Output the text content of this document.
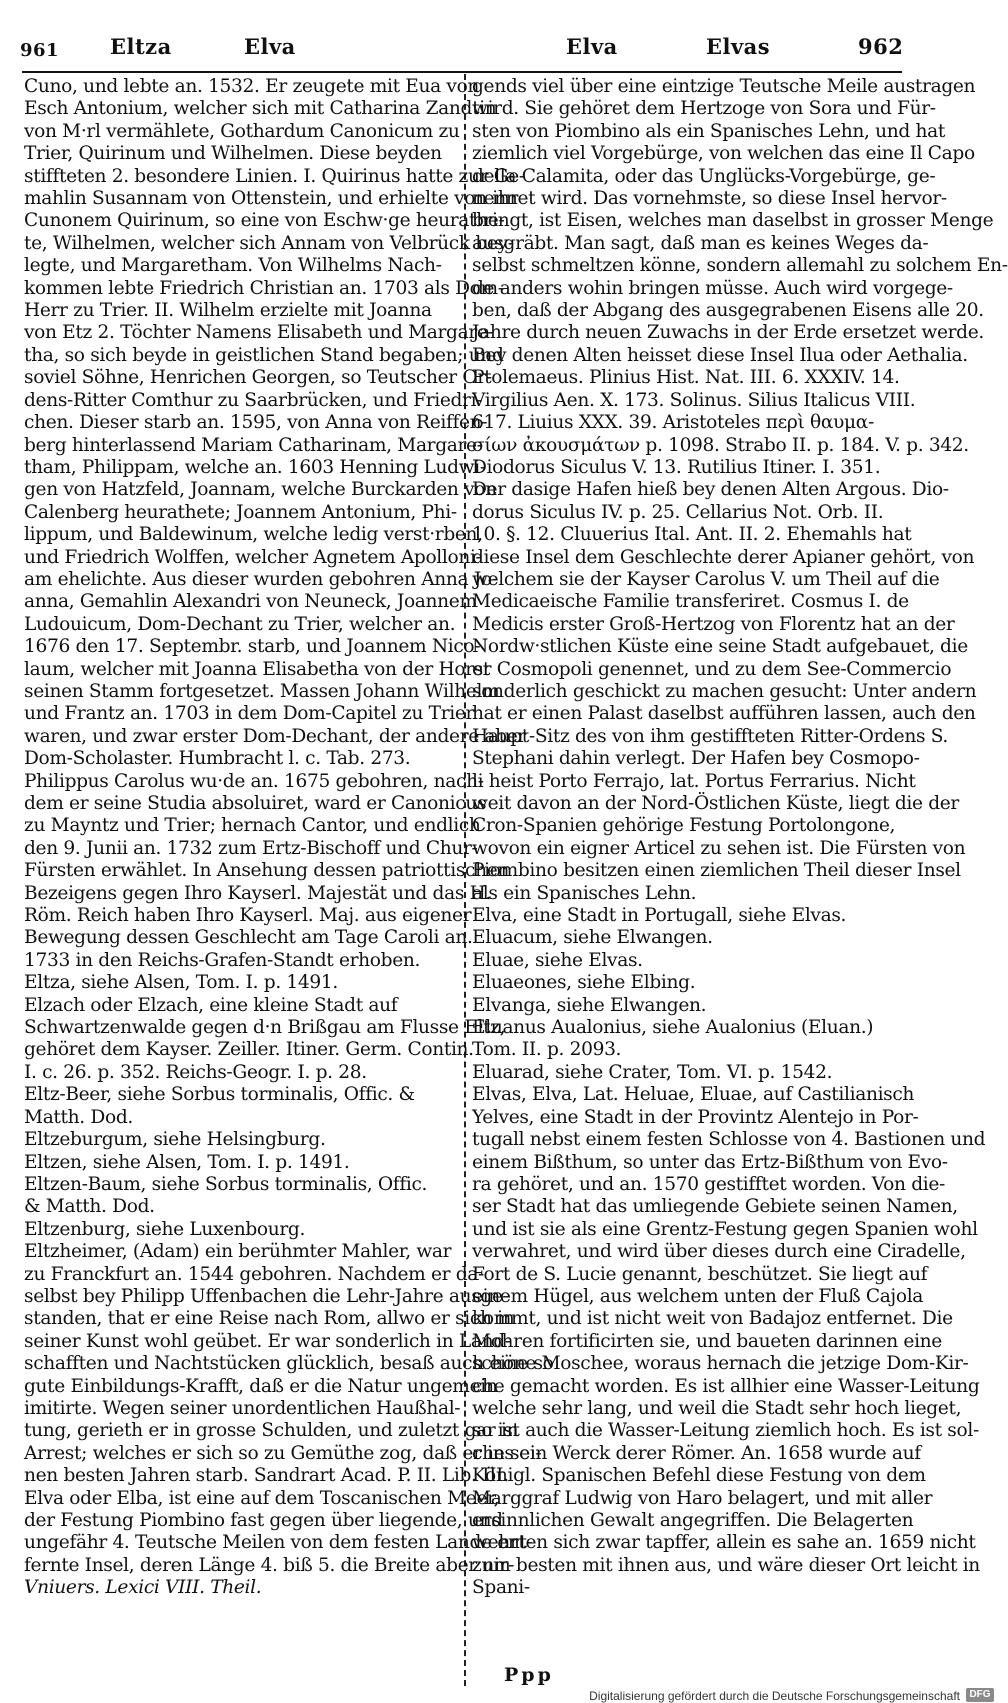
961 Eltza	Elva	Elva	Elvas	962
Cuno, und lebte an. 1532. Er zeugete mit Eua von
Esch Antonium, welcher sich mit Catharina Zandtin
von M·rl vermählete, Gothardum Canonicum zu
Trier, Quirinum und Wilhelmen. Diese beyden
stiffteten 2. besondere Linien. I. Quirinus hatte zur Ge-
mahlin Susannam von Ottenstein, und erhielte von ihr
Cunonem Quirinum, so eine von Eschw·ge heurathe-
te, Wilhelmen, welcher sich Annam von Velbrück bey-
legte, und Margaretham. Von Wilhelms Nach-
kommen lebte Friedrich Christian an. 1703 als Dom-
Herr zu Trier. II. Wilhelm erzielte mit Joanna
von Etz 2. Töchter Namens Elisabeth und Margare-
tha, so sich beyde in geistlichen Stand begaben; und
soviel Söhne, Henrichen Georgen, so Teutscher Or-
dens-Ritter Comthur zu Saarbrücken, und Friedri-
chen. Dieser starb an. 1595, von Anna von Reiffen-
berg hinterlassend Mariam Catharinam, Margare-
tham, Philippam, welche an. 1603 Henning Ludwi-
gen von Hatzfeld, Joannam, welche Burckarden von
Calenberg heurathete; Joannem Antonium, Phi-
lippum, und Baldewinum, welche ledig verst·rben,
und Friedrich Wolffen, welcher Agnetem Apolloni-
am ehelichte. Aus dieser wurden gebohren Anna Jo-
anna, Gemahlin Alexandri von Neuneck, Joannem
Ludouicum, Dom-Dechant zu Trier, welcher an.
1676 den 17. Septembr. starb, und Joannem Nico-
laum, welcher mit Joanna Elisabetha von der Horst
seinen Stamm fortgesetzet. Massen Johann Wilhelm
und Frantz an. 1703 in dem Dom-Capitel zu Trier
waren, und zwar erster Dom-Dechant, der andere aber
Dom-Scholaster. Humbracht l. c. Tab. 273.
Philippus Carolus wu·de an. 1675 gebohren, nach-
dem er seine Studia absoluiret, ward er Canonicus
zu Mayntz und Trier; hernach Cantor, und endlich
den 9. Junii an. 1732 zum Ertz-Bischoff und Chur-
Fürsten erwählet. In Ansehung dessen patriottischen
Bezeigens gegen Ihro Kayserl. Majestät und das H.
Röm. Reich haben Ihro Kayserl. Maj. aus eigener
Bewegung dessen Geschlecht am Tage Caroli an.
1733 in den Reichs-Grafen-Standt erhoben.
Eltza, siehe Alsen, Tom. I. p. 1491.
Elzach oder Elzach, eine kleine Stadt auf
Schwartzenwalde gegen d·n Brißgau am Flusse Eltz,
gehöret dem Kayser. Zeiller. Itiner. Germ. Contin.
I. c. 26. p. 352. Reichs-Geogr. I. p. 28.
Eltz-Beer, siehe Sorbus torminalis, Offic. &
Matth. Dod.
Eltzeburgum, siehe Helsingburg.
Eltzen, siehe Alsen, Tom. I. p. 1491.
Eltzen-Baum, siehe Sorbus torminalis, Offic.
& Matth. Dod.
Eltzenburg, siehe Luxenbourg.
Eltzheimer, (Adam) ein berühmter Mahler, war
zu Franckfurt an. 1544 gebohren. Nachdem er da-
selbst bey Philipp Uffenbachen die Lehr-Jahre ausge-
standen, that er eine Reise nach Rom, allwo er sich in
seiner Kunst wohl geübet. Er war sonderlich in Land-
schafften und Nachtstücken glücklich, besaß auch eine so
gute Einbildungs-Krafft, daß er die Natur ungemein
imitirte. Wegen seiner unordentlichen Haußhal-
tung, gerieth er in grosse Schulden, und zuletzt gar in
Arrest; welches er sich so zu Gemüthe zog, daß er in sei-
nen besten Jahren starb. Sandrart Acad. P. II. Lib. III.
Elva oder Elba, ist eine auf dem Toscanischen Meer,
der Festung Piombino fast gegen über liegende, und
ungefähr 4. Teutsche Meilen von dem festen Lande ent-
fernte Insel, deren Länge 4. biß 5. die Breite aber nir-
Vniuers. Lexici VIII. Theil.
gends viel über eine eintzige Teutsche Meile austragen
wird. Sie gehöret dem Hertzoge von Sora und Für-
sten von Piombino als ein Spanisches Lehn, und hat
ziemlich viel Vorgebürge, von welchen das eine Il Capo
della Calamita, oder das Unglücks-Vorgebürge, ge-
nennet wird. Das vornehmste, so diese Insel hervor-
bringt, ist Eisen, welches man daselbst in grosser Menge
ausgräbt. Man sagt, daß man es keines Weges da-
selbst schmeltzen könne, sondern allemahl zu solchem En-
de anders wohin bringen müsse. Auch wird vorgege-
ben, daß der Abgang des ausgegrabenen Eisens alle 20.
Jahre durch neuen Zuwachs in der Erde ersetzet werde.
Bey denen Alten heisset diese Insel Ilua oder Aethalia.
Ptolemaeus. Plinius Hist. Nat. III. 6. XXXIV. 14.
Virgilius Aen. X. 173. Solinus. Silius Italicus VIII.
617. Liuius XXX. 39. Aristoteles περὶ θαυμα-
σίων ἀκουσμάτων p. 1098. Strabo II. p. 184. V. p. 342.
Diodorus Siculus V. 13. Rutilius Itiner. I. 351.
Der dasige Hafen hieß bey denen Alten Argous. Dio-
dorus Siculus IV. p. 25. Cellarius Not. Orb. II.
10. §. 12. Cluuerius Ital. Ant. II. 2. Ehemahls hat
diese Insel dem Geschlechte derer Apianer gehört, von
welchem sie der Kayser Carolus V. um Theil auf die
Medicaeische Familie transferiret. Cosmus I. de
Medicis erster Groß-Hertzog von Florentz hat an der
Nordw·stlichen Küste eine seine Stadt aufgebauet, die
er Cosmopoli genennet, und zu dem See-Commercio
sonderlich geschickt zu machen gesucht: Unter andern
hat er einen Palast daselbst aufführen lassen, auch den
Haupt-Sitz des von ihm gestiffteten Ritter-Ordens S.
Stephani dahin verlegt. Der Hafen bey Cosmopo-
li heist Porto Ferrajo, lat. Portus Ferrarius. Nicht
weit davon an der Nord-Östlichen Küste, liegt die der
Cron-Spanien gehörige Festung Portolongone,
wovon ein eigner Articel zu sehen ist. Die Fürsten von
Piombino besitzen einen ziemlichen Theil dieser Insel
als ein Spanisches Lehn.
Elva, eine Stadt in Portugall, siehe Elvas.
Eluacum, siehe Elwangen.
Eluae, siehe Elvas.
Eluaeones, siehe Elbing.
Elvanga, siehe Elwangen.
Eluanus Aualonius, siehe Aualonius (Eluan.)
Tom. II. p. 2093.
Eluarad, siehe Crater, Tom. VI. p. 1542.
Elvas, Elva, Lat. Heluae, Eluae, auf Castilianisch
Yelves, eine Stadt in der Provintz Alentejo in Por-
tugall nebst einem festen Schlosse von 4. Bastionen und
einem Bißthum, so unter das Ertz-Bißthum von Evo-
ra gehöret, und an. 1570 gestifftet worden. Von die-
ser Stadt hat das umliegende Gebiete seinen Namen,
und ist sie als eine Grentz-Festung gegen Spanien wohl
verwahret, und wird über dieses durch eine Ciradelle,
Fort de S. Lucie genannt, beschützet. Sie liegt auf
einem Hügel, aus welchem unten der Fluß Cajola
kommt, und ist nicht weit von Badajoz entfernet. Die
Mohren fortificirten sie, und baueten darinnen eine
schöne Moschee, woraus hernach die jetzige Dom-Kir-
che gemacht worden. Es ist allhier eine Wasser-Leitung
welche sehr lang, und weil die Stadt sehr hoch lieget,
so ist auch die Wasser-Leitung ziemlich hoch. Es ist sol-
ches ein Werck derer Römer. An. 1658 wurde auf
Königl. Spanischen Befehl diese Festung von dem
Marggraf Ludwig von Haro belagert, und mit aller
ersinnlichen Gewalt angegriffen. Die Belagerten
wehrten sich zwar tapffer, allein es sahe an. 1659 nicht
zum besten mit ihnen aus, und wäre dieser Ort leicht in
Spani-
Ppp
Digitalisierung gefördert durch die Deutsche Forschungsgemeinschaft DFG
